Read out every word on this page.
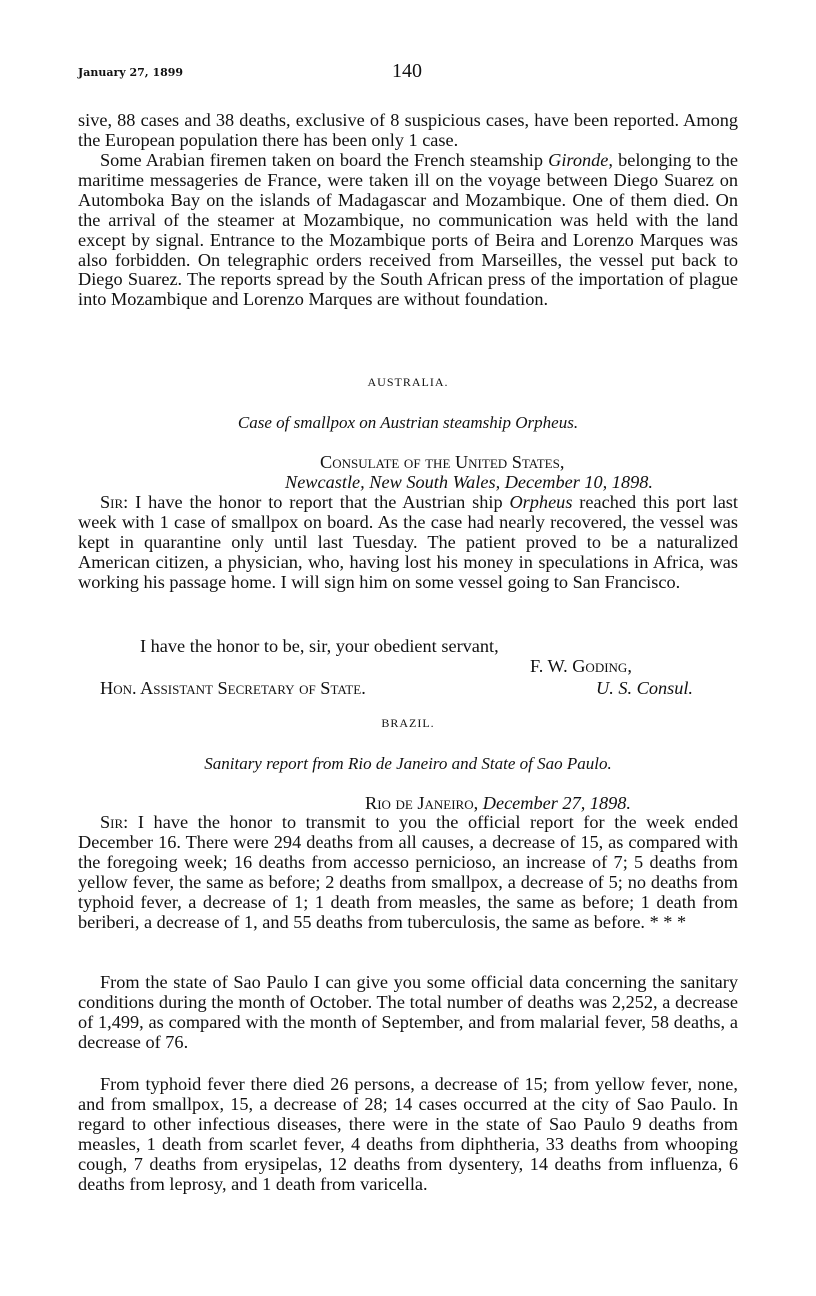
January 27, 1899	140

sive, 88 cases and 38 deaths, exclusive of 8 suspicious cases, have been reported. Among the European population there has been only 1 case.

Some Arabian firemen taken on board the French steamship Gironde, belonging to the maritime messageries de France, were taken ill on the voyage between Diego Suarez on Automboka Bay on the islands of Madagascar and Mozambique. One of them died. On the arrival of the steamer at Mozambique, no communication was held with the land except by signal. Entrance to the Mozambique ports of Beira and Lorenzo Marques was also forbidden. On telegraphic orders received from Marseilles, the vessel put back to Diego Suarez. The reports spread by the South African press of the importation of plague into Mozambique and Lorenzo Marques are without foundation.

AUSTRALIA.
Case of smallpox on Austrian steamship Orpheus.
Consulate of the United States,
Newcastle, New South Wales, December 10, 1898.

Sir: I have the honor to report that the Austrian ship Orpheus reached this port last week with 1 case of smallpox on board. As the case had nearly recovered, the vessel was kept in quarantine only until last Tuesday. The patient proved to be a naturalized American citizen, a physician, who, having lost his money in speculations in Africa, was working his passage home. I will sign him on some vessel going to San Francisco.

I have the honor to be, sir, your obedient servant,
F. W. Goding,
Hon. Assistant Secretary of State.	U. S. Consul.
BRAZIL.
Sanitary report from Rio de Janeiro and State of Sao Paulo.
Rio de Janeiro, December 27, 1898.

Sir: I have the honor to transmit to you the official report for the week ended December 16. There were 294 deaths from all causes, a decrease of 15, as compared with the foregoing week; 16 deaths from accesso pernicioso, an increase of 7; 5 deaths from yellow fever, the same as before; 2 deaths from smallpox, a decrease of 5; no deaths from typhoid fever, a decrease of 1; 1 death from measles, the same as before; 1 death from beriberi, a decrease of 1, and 55 deaths from tuberculosis, the same as before. * * *

From the state of Sao Paulo I can give you some official data concerning the sanitary conditions during the month of October. The total number of deaths was 2,252, a decrease of 1,499, as compared with the month of September, and from malarial fever, 58 deaths, a decrease of 76.

From typhoid fever there died 26 persons, a decrease of 15; from yellow fever, none, and from smallpox, 15, a decrease of 28; 14 cases occurred at the city of Sao Paulo. In regard to other infectious diseases, there were in the state of Sao Paulo 9 deaths from measles, 1 death from scarlet fever, 4 deaths from diphtheria, 33 deaths from whooping cough, 7 deaths from erysipelas, 12 deaths from dysentery, 14 deaths from influenza, 6 deaths from leprosy, and 1 death from varicella.
